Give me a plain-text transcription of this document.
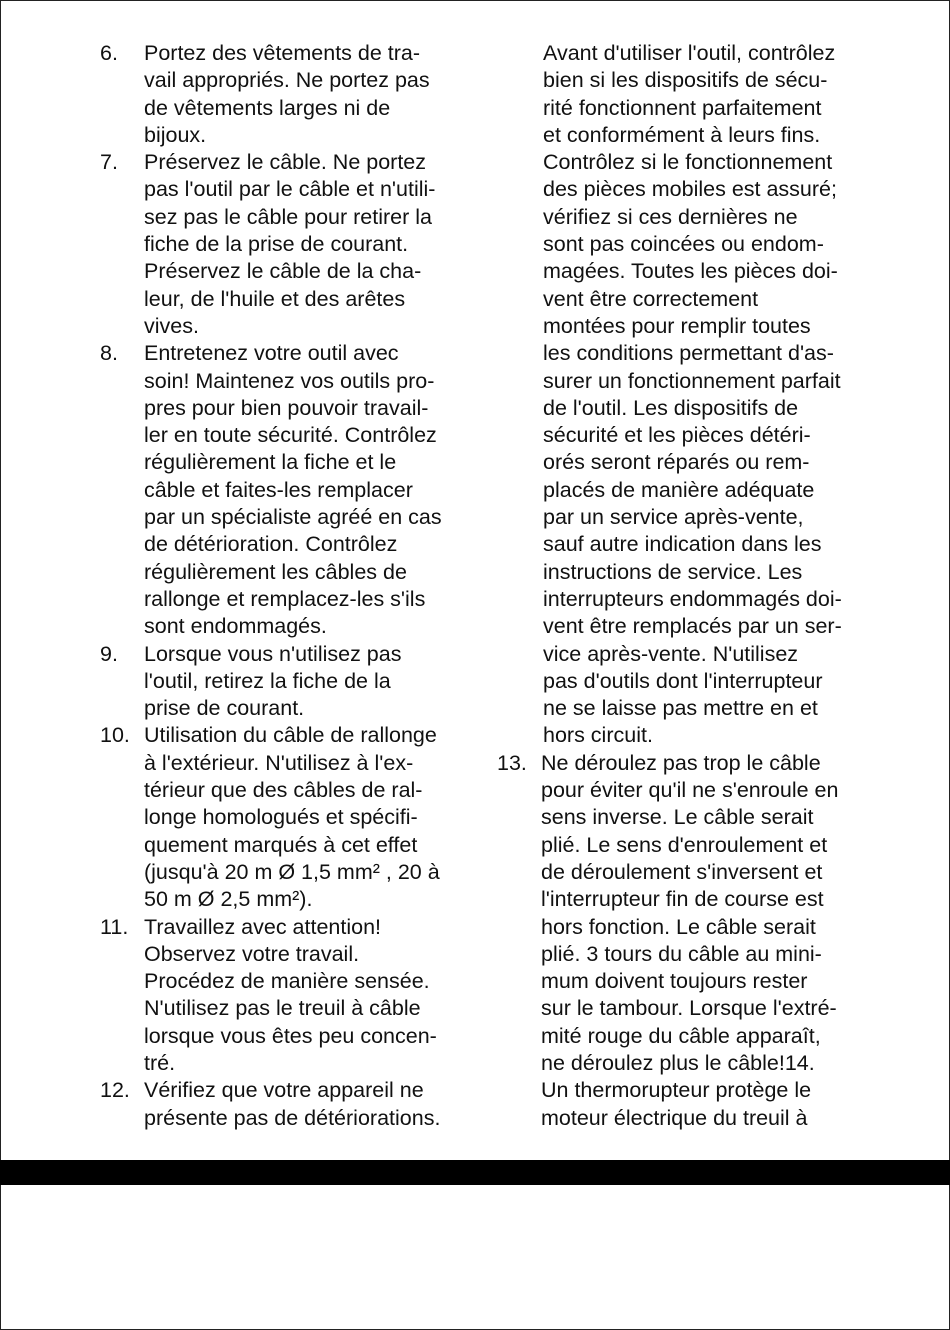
6.	Portez des vêtements de tra-
vail appropriés. Ne portez pas
de vêtements larges ni de
bijoux.
7.	Préservez le câble. Ne portez
pas l'outil par le câble et n'utili-
sez pas le câble pour retirer la
fiche de la prise de courant.
Préservez le câble de la cha-
leur, de l'huile et des arêtes
vives.
8.	Entretenez votre outil avec
soin! Maintenez vos outils pro-
pres pour bien pouvoir travail-
ler en toute sécurité. Contrôlez
régulièrement la fiche et le
câble et faites-les remplacer
par un spécialiste agréé en cas
de détérioration. Contrôlez
régulièrement les câbles de
rallonge et remplacez-les s'ils
sont endommagés.
9.	Lorsque vous n'utilisez pas
l'outil, retirez la fiche de la
prise de courant.
10. Utilisation du câble de rallonge
à l'extérieur. N'utilisez à l'ex-
térieur que des câbles de ral-
longe homologués et spécifi-
quement marqués à cet effet
(jusqu'à 20 m Ø 1,5 mm² , 20 à
50 m Ø 2,5 mm²).
11. Travaillez avec attention!
Observez votre travail.
Procédez de manière sensée.
N'utilisez pas le treuil à câble
lorsque vous êtes peu concen-
tré.
12. Vérifiez que votre appareil ne
présente pas de détériorations.
Avant d'utiliser l'outil, contrôlez
bien si les dispositifs de sécu-
rité fonctionnent parfaitement
et conformément à leurs fins.
Contrôlez si le fonctionnement
des pièces mobiles est assuré;
vérifiez si ces dernières ne
sont pas coincées ou endom-
magées. Toutes les pièces doi-
vent être correctement
montées pour remplir toutes
les conditions permettant d'as-
surer un fonctionnement parfait
de l'outil. Les dispositifs de
sécurité et les pièces détéri-
orés seront réparés ou rem-
placés de manière adéquate
par un service après-vente,
sauf autre indication dans les
instructions de service. Les
interrupteurs endommagés doi-
vent être remplacés par un ser-
vice après-vente. N'utilisez
pas d'outils dont l'interrupteur
ne se laisse pas mettre en et
hors circuit.
13. Ne déroulez pas trop le câble
pour éviter qu'il ne s'enroule en
sens inverse. Le câble serait
plié. Le sens d'enroulement et
de déroulement s'inversent et
l'interrupteur fin de course est
hors fonction. Le câble serait
plié. 3 tours du câble au mini-
mum doivent toujours rester
sur le tambour. Lorsque l'extré-
mité rouge du câble apparaît,
ne déroulez plus le câble!14.
Un thermorupteur protège le
moteur électrique du treuil à
